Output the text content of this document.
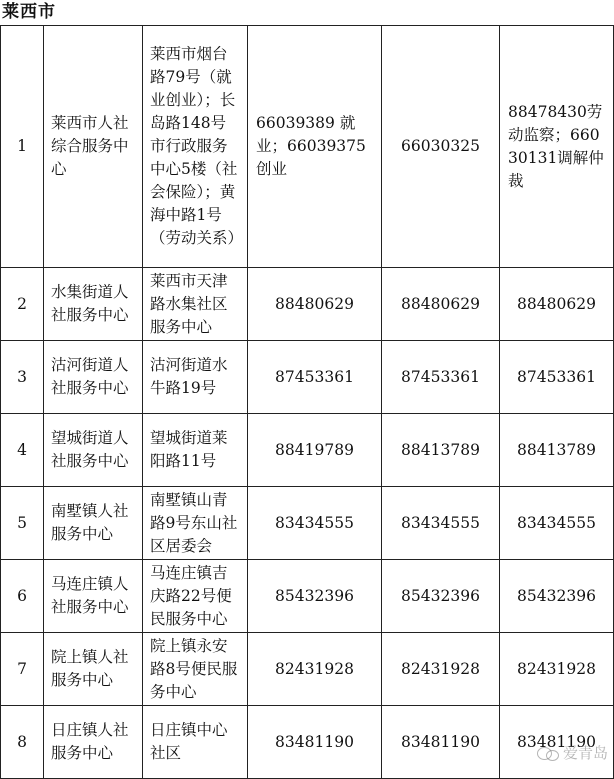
莱西市
1	莱西市人社综合服务中心	莱西市烟台路79号（就业创业）；长岛路148号市行政服务中心5楼（社会保险）；黄海中路1号（劳动关系）	66039389 就业；66039375 创业	66030325	88478430劳动监察；66030131调解仲裁
2	水集街道人社服务中心	莱西市天津路水集社区服务中心	88480629	88480629	88480629
3	沽河街道人社服务中心	沽河街道水牛路19号	87453361	87453361	87453361
4	望城街道人社服务中心	望城街道莱阳路11号	88419789	88413789	88413789
5	南墅镇人社服务中心	南墅镇山青路9号东山社区居委会	83434555	83434555	83434555
6	马连庄镇人社服务中心	马连庄镇吉庆路22号便民服务中心	85432396	85432396	85432396
7	院上镇人社服务中心	院上镇永安路8号便民服务中心	82431928	82431928	82431928
8	日庄镇人社服务中心	日庄镇中心社区	83481190	83481190	83481190
爱青岛
